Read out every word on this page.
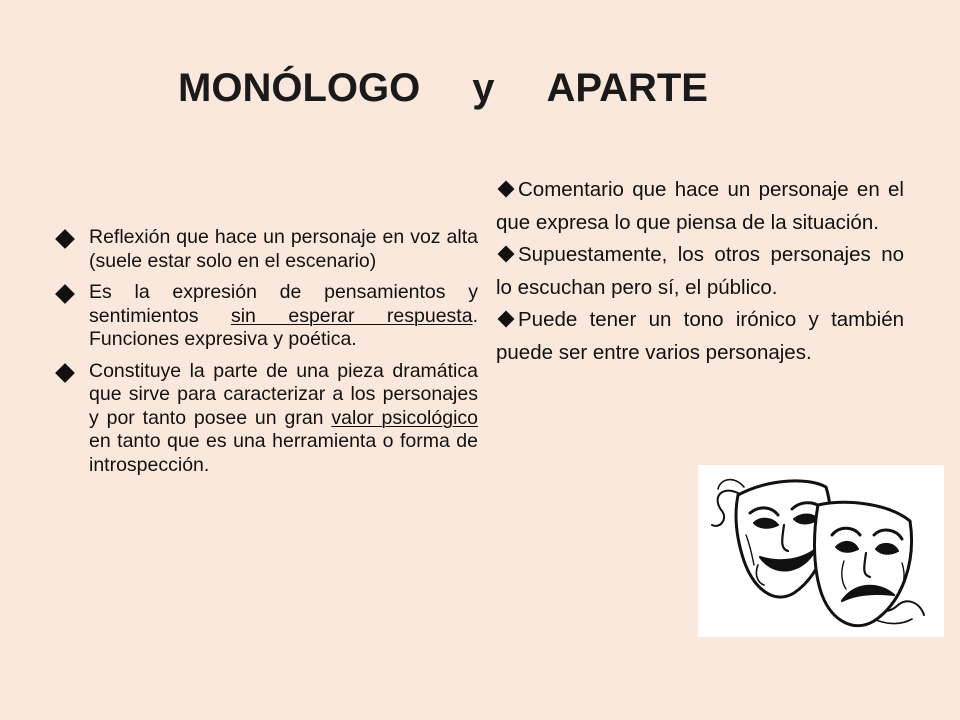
MONÓLOGO y APARTE
Reflexión que hace un personaje en voz alta (suele estar solo en el escenario)
Es la expresión de pensamientos y sentimientos sin esperar respuesta. Funciones expresiva y poética.
Constituye la parte de una pieza dramática que sirve para caracterizar a los personajes y por tanto posee un gran valor psicológico en tanto que es una herramienta o forma de introspección.
Comentario que hace un personaje en el que expresa lo que piensa de la situación.
Supuestamente, los otros personajes no lo escuchan pero sí, el público.
Puede tener un tono irónico y también puede ser entre varios personajes.
